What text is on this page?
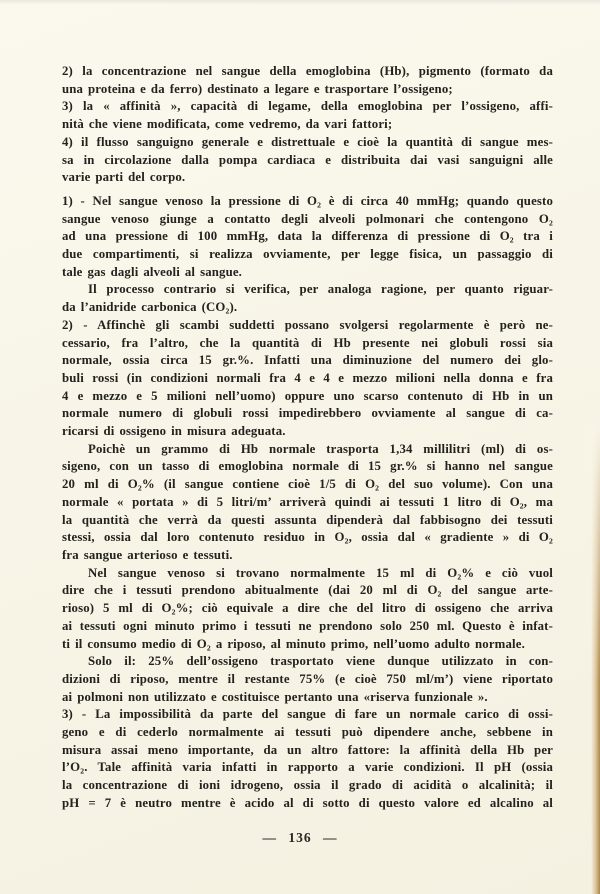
2) la concentrazione nel sangue della emoglobina (Hb), pigmento (formato da
una proteina e da ferro) destinato a legare e trasportare l’ossigeno;
3) la « affinità », capacità di legame, della emoglobina per l’ossigeno, affi-
nità che viene modificata, come vedremo, da vari fattori;
4) il flusso sanguigno generale e distrettuale e cioè la quantità di sangue mes-
sa in circolazione dalla pompa cardiaca e distribuita dai vasi sanguigni alle
varie parti del corpo.
1) - Nel sangue venoso la pressione di O₂ è di circa 40 mmHg; quando questo
sangue venoso giunge a contatto degli alveoli polmonari che contengono O₂
ad una pressione di 100 mmHg, data la differenza di pressione di O₂ tra i
due compartimenti, si realizza ovviamente, per legge fisica, un passaggio di
tale gas dagli alveoli al sangue.
Il processo contrario si verifica, per analoga ragione, per quanto riguar-
da l’anidride carbonica (CO₂).
2) - Affinchè gli scambi suddetti possano svolgersi regolarmente è però ne-
cessario, fra l’altro, che la quantità di Hb presente nei globuli rossi sia
normale, ossia circa 15 gr.%. Infatti una diminuzione del numero dei glo-
buli rossi (in condizioni normali fra 4 e 4 e mezzo milioni nella donna e fra
4 e mezzo e 5 milioni nell’uomo) oppure uno scarso contenuto di Hb in un
normale numero di globuli rossi impedirebbero ovviamente al sangue di ca-
ricarsi di ossigeno in misura adeguata.
Poichè un grammo di Hb normale trasporta 1,34 millilitri (ml) di os-
sigeno, con un tasso di emoglobina normale di 15 gr.% si hanno nel sangue
20 ml di O₂% (il sangue contiene cioè 1/5 di O₂ del suo volume). Con una
normale « portata » di 5 litri/m’ arriverà quindi ai tessuti 1 litro di O₂, ma
la quantità che verrà da questi assunta dipenderà dal fabbisogno dei tessuti
stessi, ossia dal loro contenuto residuo in O₂, ossia dal « gradiente » di O₂
fra sangue arterioso e tessuti.
Nel sangue venoso si trovano normalmente 15 ml di O₂% e ciò vuol
dire che i tessuti prendono abitualmente (dai 20 ml di O₂ del sangue arte-
rioso) 5 ml di O₂%; ciò equivale a dire che del litro di ossigeno che arriva
ai tessuti ogni minuto primo i tessuti ne prendono solo 250 ml. Questo è infat-
ti il consumo medio di O₂ a riposo, al minuto primo, nell’uomo adulto normale.
Solo il: 25% dell’ossigeno trasportato viene dunque utilizzato in con-
dizioni di riposo, mentre il restante 75% (e cioè 750 ml/m’) viene riportato
ai polmoni non utilizzato e costituisce pertanto una «riserva funzionale ».
3) - La impossibilità da parte del sangue di fare un normale carico di ossi-
geno e di cederlo normalmente ai tessuti può dipendere anche, sebbene in
misura assai meno importante, da un altro fattore: la affinità della Hb per
l’O₂. Tale affinità varia infatti in rapporto a varie condizioni. Il pH (ossia
la concentrazione di ioni idrogeno, ossia il grado di acidità o alcalinità; il
pH = 7 è neutro mentre è acido al di sotto di questo valore ed alcalino al
— 136 —
